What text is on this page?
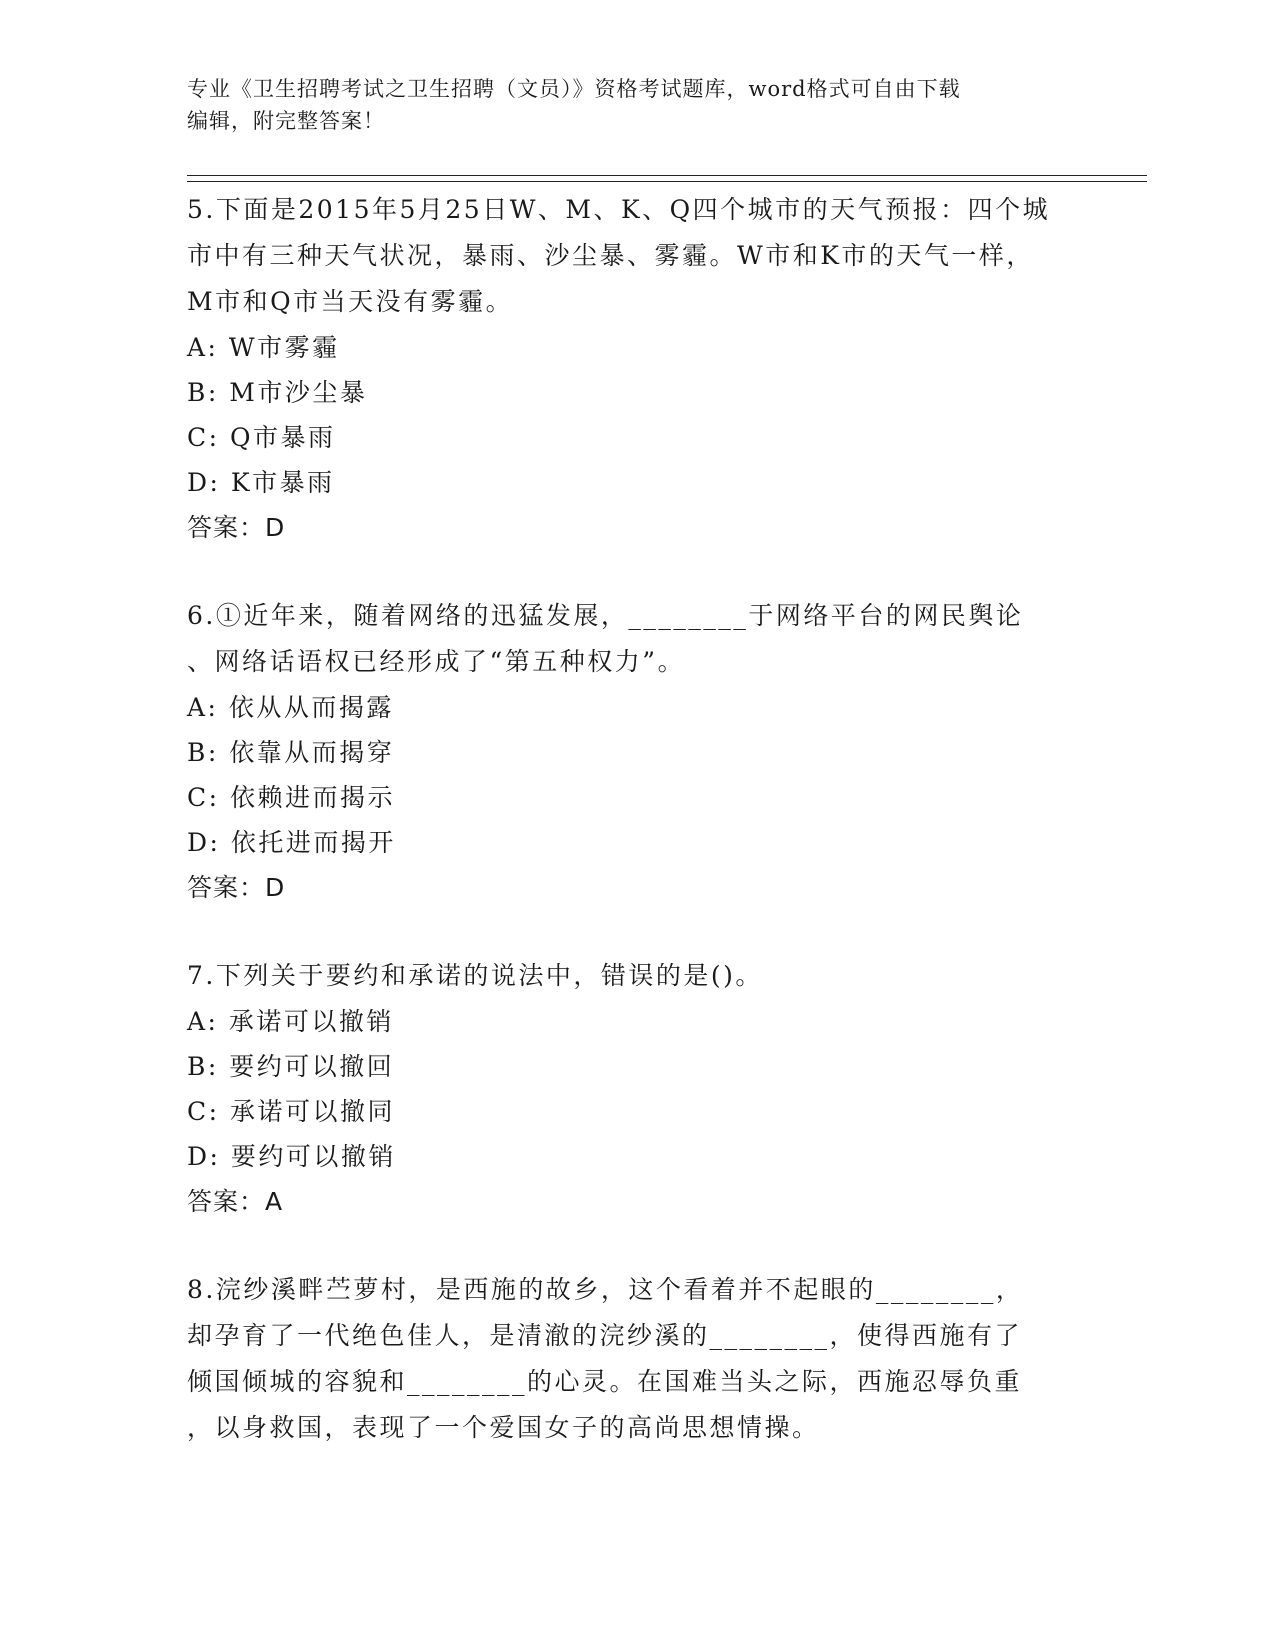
专业《卫生招聘考试之卫生招聘（文员）》资格考试题库，word格式可自由下载
编辑，附完整答案！

5.下面是2015年5月25日W、M、K、Q四个城市的天气预报：四个城

市中有三种天气状况，暴雨、沙尘暴、雾霾。W市和K市的天气一样，

M市和Q市当天没有雾霾。

A: W市雾霾

B: M市沙尘暴

C: Q市暴雨

D: K市暴雨

答案：D

6.①近年来，随着网络的迅猛发展，________于网络平台的网民舆论

、网络话语权已经形成了“第五种权力”。

A: 依从从而揭露

B: 依靠从而揭穿

C: 依赖进而揭示

D: 依托进而揭开

答案：D

7.下列关于要约和承诺的说法中，错误的是()。

A: 承诺可以撤销

B: 要约可以撤回

C: 承诺可以撤同

D: 要约可以撤销

答案：A

8.浣纱溪畔苎萝村，是西施的故乡，这个看着并不起眼的________，

却孕育了一代绝色佳人，是清澈的浣纱溪的________，使得西施有了

倾国倾城的容貌和________的心灵。在国难当头之际，西施忍辱负重

，以身救国，表现了一个爱国女子的高尚思想情操。
